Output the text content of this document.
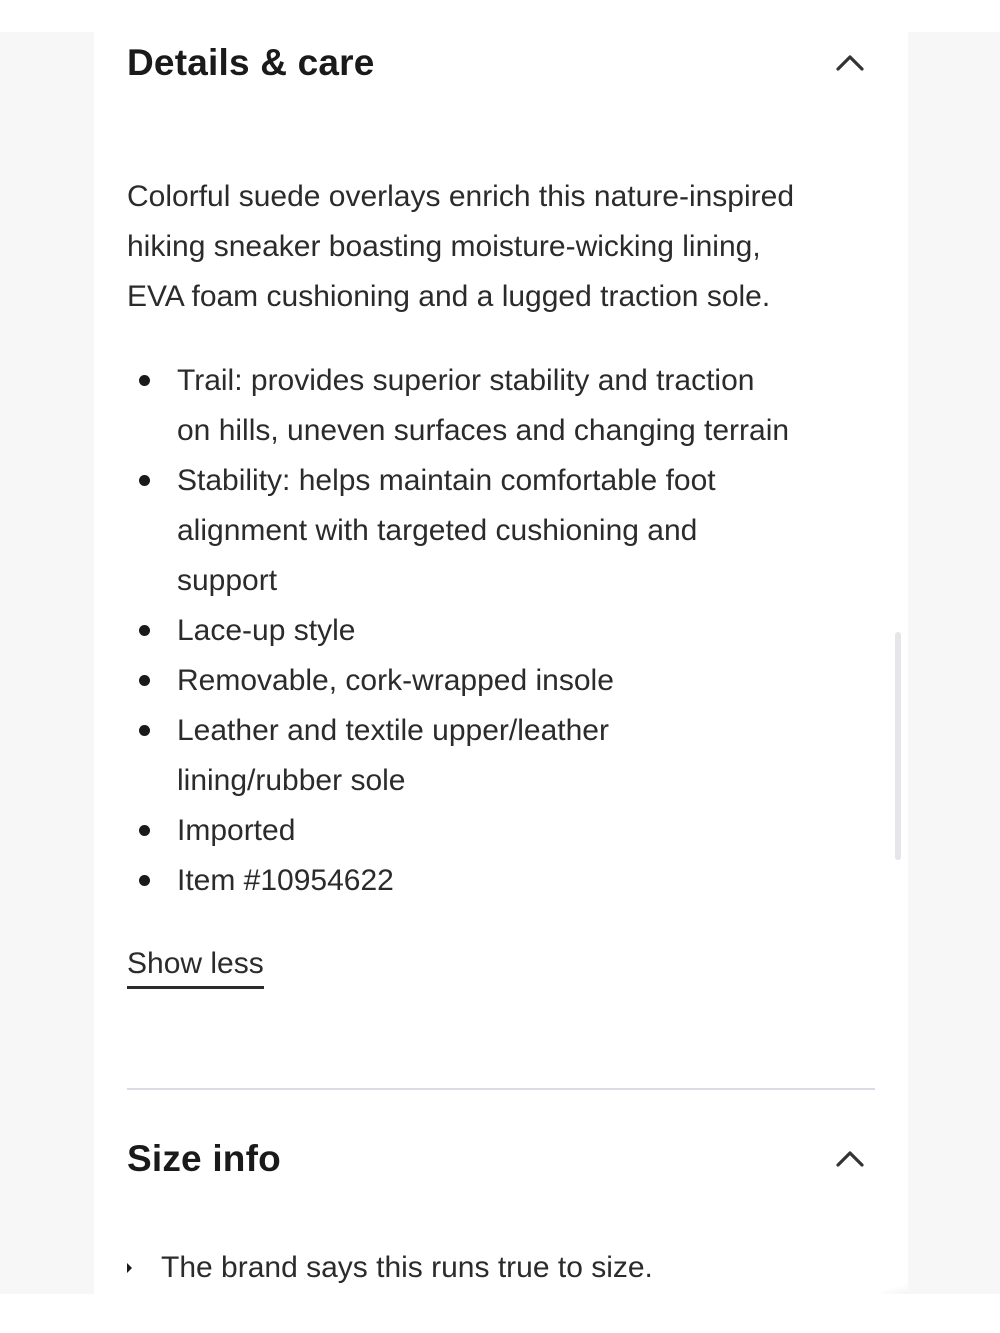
Details & care
Colorful suede overlays enrich this nature-inspired
hiking sneaker boasting moisture-wicking lining,
EVA foam cushioning and a lugged traction sole.
Trail: provides superior stability and traction
on hills, uneven surfaces and changing terrain
Stability: helps maintain comfortable foot
alignment with targeted cushioning and
support
Lace-up style
Removable, cork-wrapped insole
Leather and textile upper/leather
lining/rubber sole
Imported
Item #10954622
Show less
Size info
The brand says this runs true to size.
